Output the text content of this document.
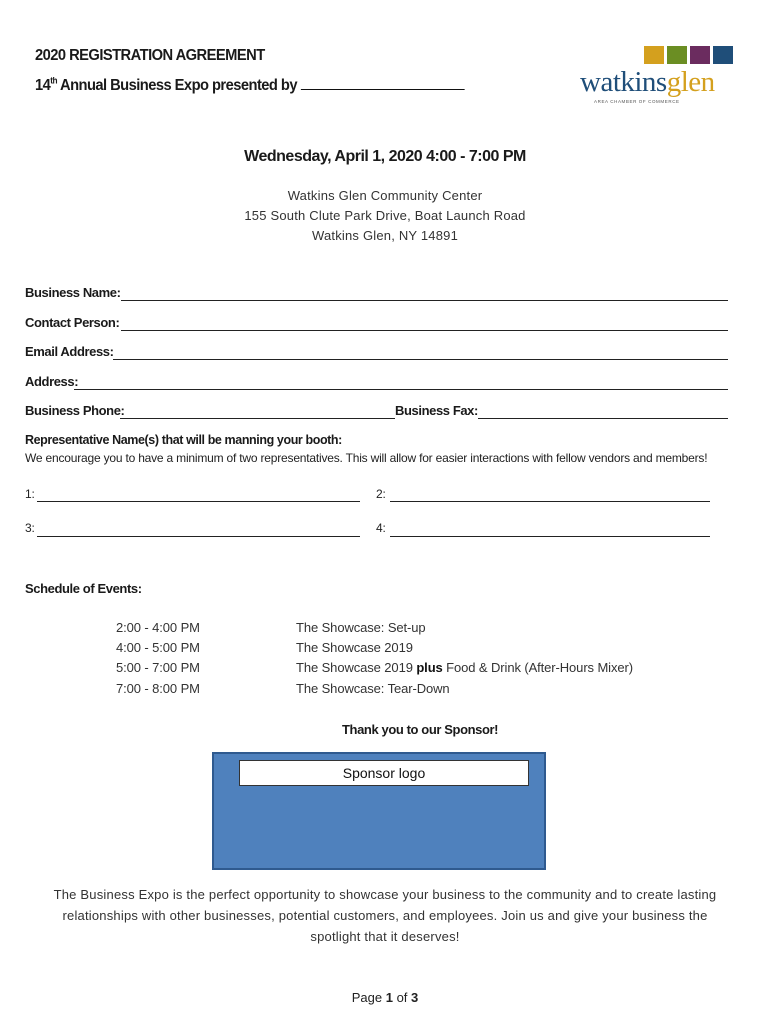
2020 REGISTRATION AGREEMENT
14th Annual Business Expo presented by	watkinsglen
AREA CHAMBER OF COMMERCE
Wednesday, April 1, 2020 4:00 - 7:00 PM
Watkins Glen Community Center
155 South Clute Park Drive, Boat Launch Road
Watkins Glen, NY 14891
Business Name:
Contact Person:
Email Address:
Address:
Business Phone:	Business Fax:
Representative Name(s) that will be manning your booth:
We encourage you to have a minimum of two representatives. This will allow for easier interactions with fellow vendors and members!
1:	2:
3:	4:
Schedule of Events:
2:00 - 4:00 PM	The Showcase: Set-up
4:00 - 5:00 PM	The Showcase 2019
5:00 - 7:00 PM	The Showcase 2019 plus Food & Drink (After-Hours Mixer)
7:00 - 8:00 PM	The Showcase: Tear-Down
Thank you to our Sponsor!
Sponsor logo
The Business Expo is the perfect opportunity to showcase your business to the community and to create lasting
relationships with other businesses, potential customers, and employees. Join us and give your business the
spotlight that it deserves!
Page 1 of 3
